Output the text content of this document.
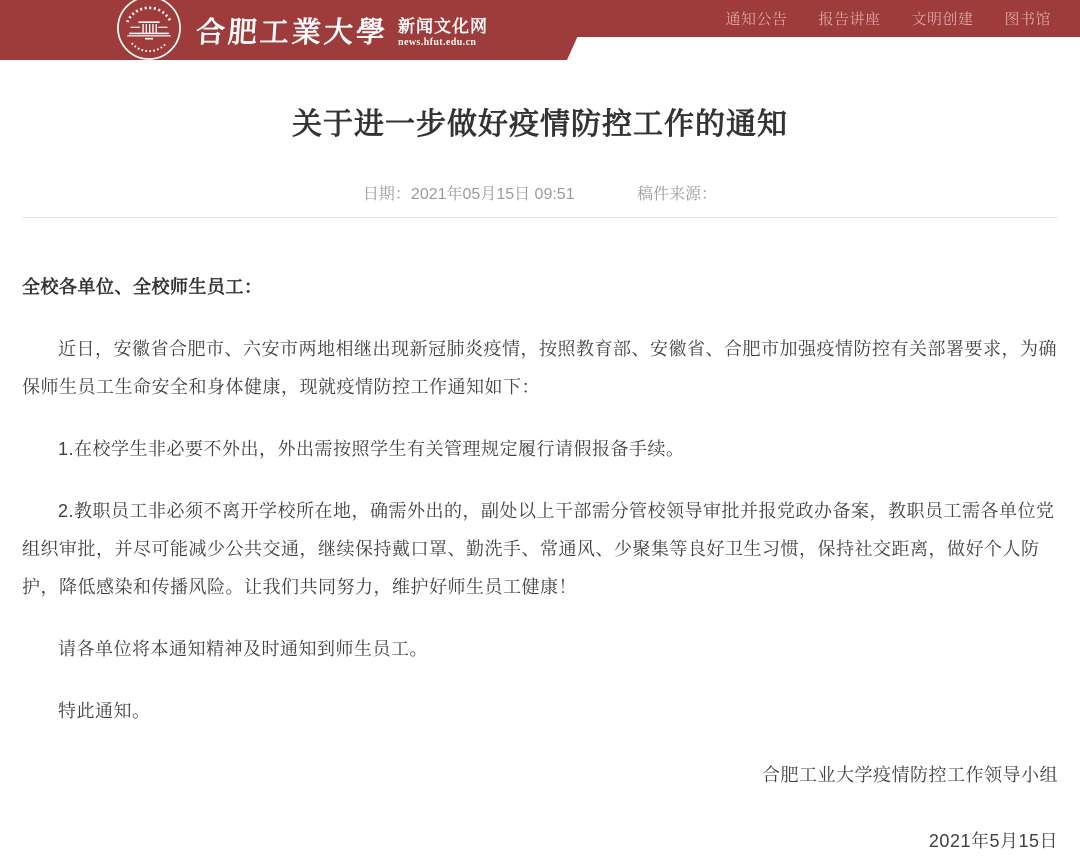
合肥工業大學 新闻文化网
news.hfut.edu.cn
通知公告 报告讲座 文明创建 图书馆
关于进一步做好疫情防控工作的通知
日期：2021年05月15日 09:51	稿件来源：

全校各单位、全校师生员工：

近日，安徽省合肥市、六安市两地相继出现新冠肺炎疫情，按照教育部、安徽省、合肥市加强疫情防控有关部署要求，为确保师生员工生命安全和身体健康，现就疫情防控工作通知如下：

1.在校学生非必要不外出，外出需按照学生有关管理规定履行请假报备手续。

2.教职员工非必须不离开学校所在地，确需外出的，副处以上干部需分管校领导审批并报党政办备案，教职员工需各单位党组织审批，并尽可能减少公共交通，继续保持戴口罩、勤洗手、常通风、少聚集等良好卫生习惯，保持社交距离，做好个人防护，降低感染和传播风险。让我们共同努力，维护好师生员工健康！

请各单位将本通知精神及时通知到师生员工。

特此通知。

合肥工业大学疫情防控工作领导小组

2021年5月15日
